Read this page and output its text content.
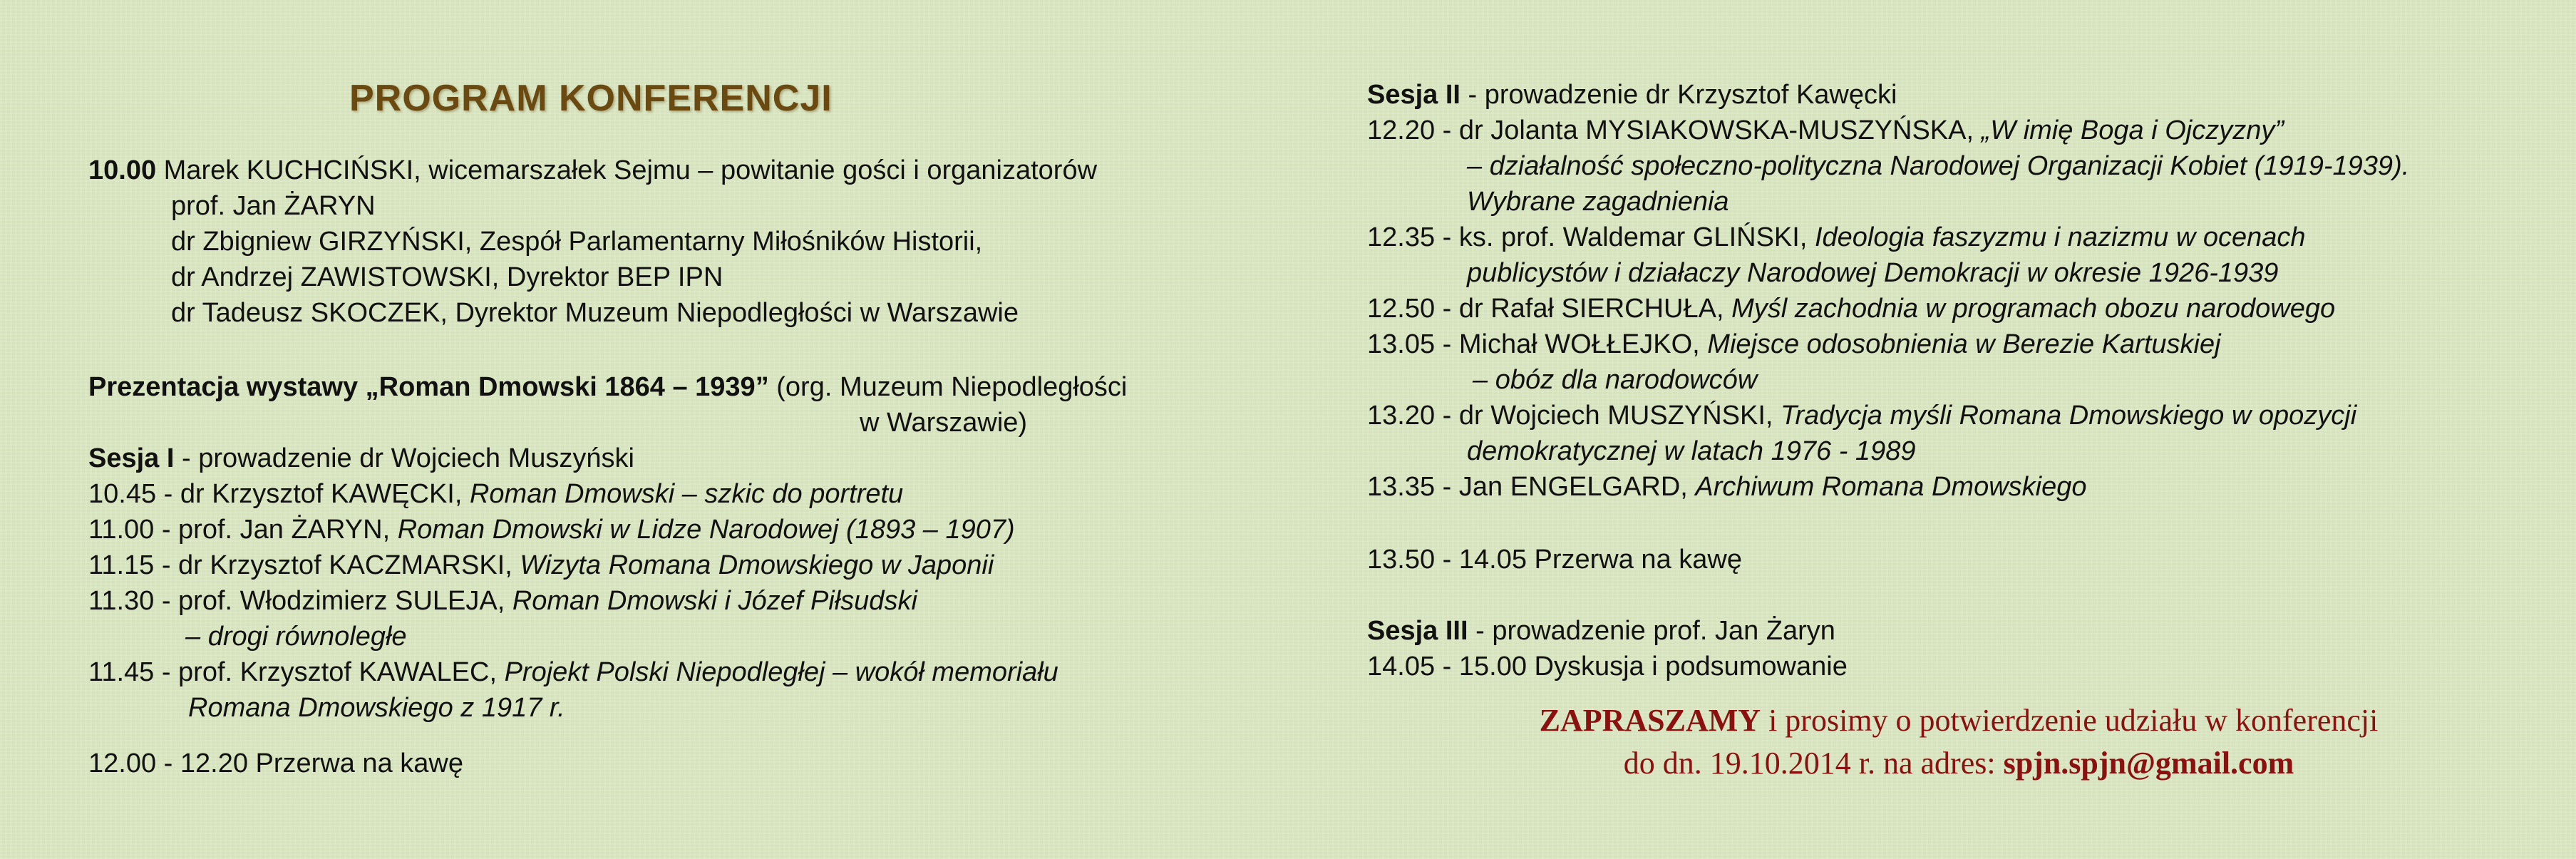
PROGRAM KONFERENCJI
10.00 Marek KUCHCIŃSKI, wicemarszałek Sejmu – powitanie gości i organizatorów
prof. Jan ŻARYN
dr Zbigniew GIRZYŃSKI, Zespół Parlamentarny Miłośników Historii,
dr Andrzej ZAWISTOWSKI, Dyrektor BEP IPN
dr Tadeusz SKOCZEK, Dyrektor Muzeum Niepodległości w Warszawie
Prezentacja wystawy „Roman Dmowski 1864 – 1939” (org. Muzeum Niepodległości
w Warszawie)
Sesja I - prowadzenie dr Wojciech Muszyński
10.45 - dr Krzysztof KAWĘCKI, Roman Dmowski – szkic do portretu
11.00 - prof. Jan ŻARYN, Roman Dmowski w Lidze Narodowej (1893 – 1907)
11.15 - dr Krzysztof KACZMARSKI, Wizyta Romana Dmowskiego w Japonii
11.30 - prof. Włodzimierz SULEJA, Roman Dmowski i Józef Piłsudski
– drogi równoległe
11.45 - prof. Krzysztof KAWALEC, Projekt Polski Niepodległej – wokół memoriału
Romana Dmowskiego z 1917 r.
12.00 - 12.20 Przerwa na kawę
Sesja II - prowadzenie dr Krzysztof Kawęcki
12.20 - dr Jolanta MYSIAKOWSKA-MUSZYŃSKA, „W imię Boga i Ojczyzny”
– działalność społeczno-polityczna Narodowej Organizacji Kobiet (1919-1939).
Wybrane zagadnienia
12.35 - ks. prof. Waldemar GLIŃSKI, Ideologia faszyzmu i nazizmu w ocenach
publicystów i działaczy Narodowej Demokracji w okresie 1926-1939
12.50 - dr Rafał SIERCHUŁA, Myśl zachodnia w programach obozu narodowego
13.05 - Michał WOŁŁEJKO, Miejsce odosobnienia w Berezie Kartuskiej
– obóz dla narodowców
13.20 - dr Wojciech MUSZYŃSKI, Tradycja myśli Romana Dmowskiego w opozycji
demokratycznej w latach 1976 - 1989
13.35 - Jan ENGELGARD, Archiwum Romana Dmowskiego
13.50 - 14.05 Przerwa na kawę
Sesja III - prowadzenie prof. Jan Żaryn
14.05 - 15.00 Dyskusja i podsumowanie
ZAPRASZAMY i prosimy o potwierdzenie udziału w konferencji
do dn. 19.10.2014 r. na adres: spjn.spjn@gmail.com
